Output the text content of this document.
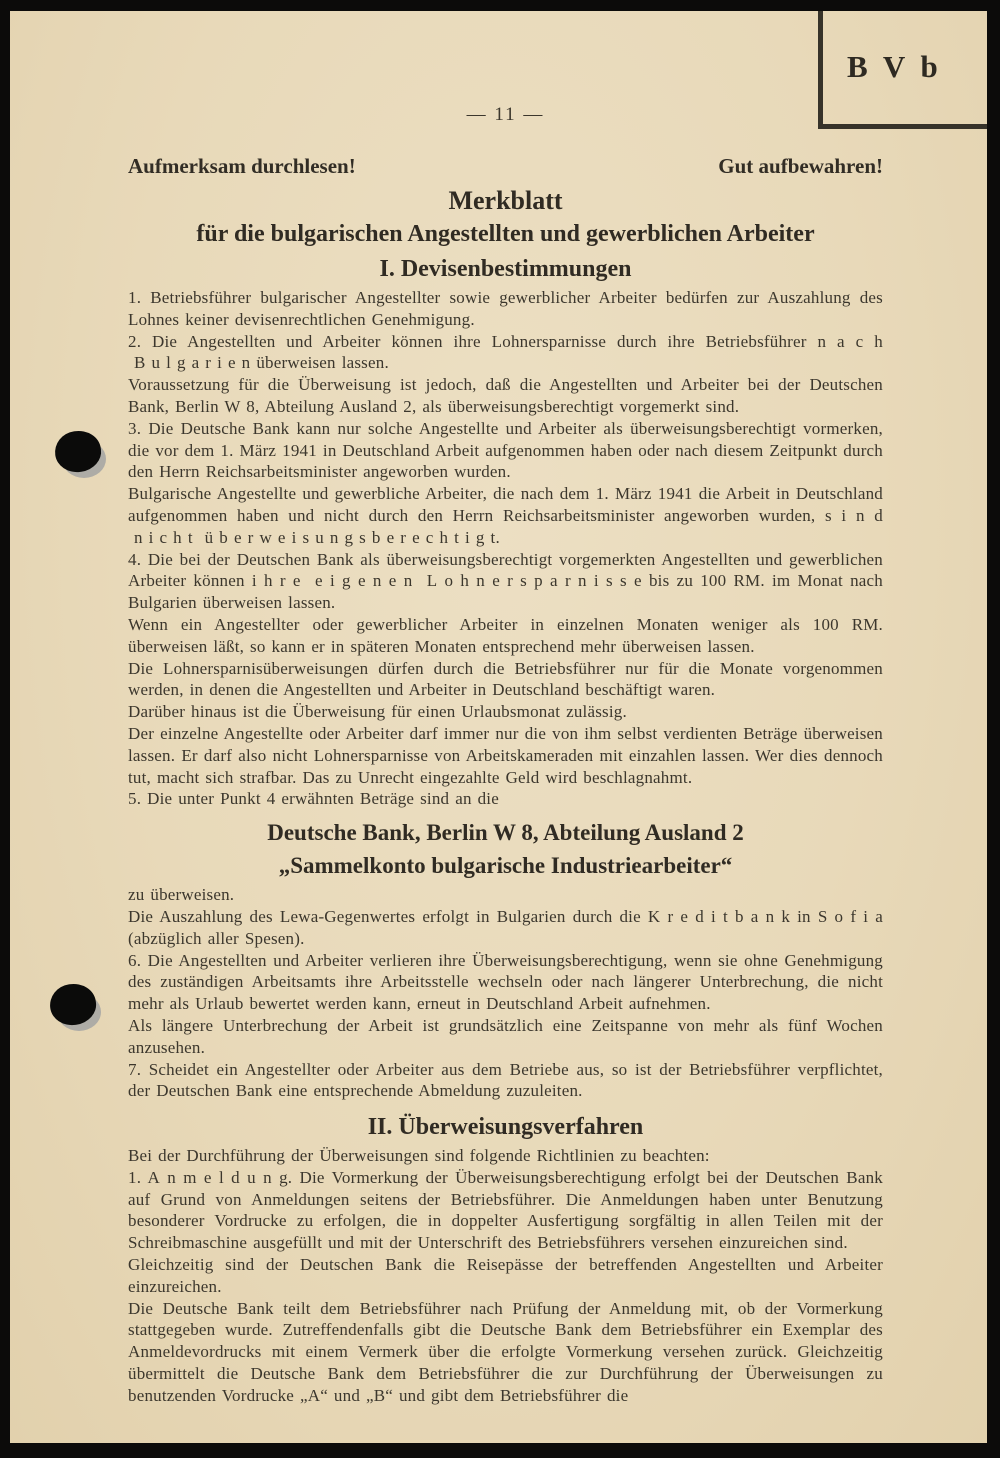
B V b
— 11 —
Aufmerksam durchlesen!	Gut aufbewahren!
Merkblatt
für die bulgarischen Angestellten und gewerblichen Arbeiter
I. Devisenbestimmungen

1. Betriebsführer bulgarischer Angestellter sowie gewerblicher Arbeiter bedürfen zur Auszahlung des Lohnes keiner devisenrechtlichen Genehmigung.

2. Die Angestellten und Arbeiter können ihre Lohnersparnisse durch ihre Betriebsführer n a c h  B u l g a r i e n überweisen lassen.

Voraussetzung für die Überweisung ist jedoch, daß die Angestellten und Arbeiter bei der Deutschen Bank, Berlin W 8, Abteilung Ausland 2, als überweisungsberechtigt vorgemerkt sind.

3. Die Deutsche Bank kann nur solche Angestellte und Arbeiter als überweisungsberechtigt vormerken, die vor dem 1. März 1941 in Deutschland Arbeit aufgenommen haben oder nach diesem Zeitpunkt durch den Herrn Reichsarbeitsminister angeworben wurden.

Bulgarische Angestellte und gewerbliche Arbeiter, die nach dem 1. März 1941 die Arbeit in Deutschland aufgenommen haben und nicht durch den Herrn Reichsarbeitsminister angeworben wurden, s i n d  n i c h t  ü b e r w e i s u n g s b e r e c h t i g t.

4. Die bei der Deutschen Bank als überweisungsberechtigt vorgemerkten Angestellten und gewerblichen Arbeiter können i h r e  e i g e n e n  L o h n e r s p a r n i s s e bis zu 100 RM. im Monat nach Bulgarien überweisen lassen.

Wenn ein Angestellter oder gewerblicher Arbeiter in einzelnen Monaten weniger als 100 RM. überweisen läßt, so kann er in späteren Monaten entsprechend mehr überweisen lassen.

Die Lohnersparnisüberweisungen dürfen durch die Betriebsführer nur für die Monate vorgenommen werden, in denen die Angestellten und Arbeiter in Deutschland beschäftigt waren.

Darüber hinaus ist die Überweisung für einen Urlaubsmonat zulässig.

Der einzelne Angestellte oder Arbeiter darf immer nur die von ihm selbst verdienten Beträge überweisen lassen. Er darf also nicht Lohnersparnisse von Arbeitskameraden mit einzahlen lassen. Wer dies dennoch tut, macht sich strafbar. Das zu Unrecht eingezahlte Geld wird beschlagnahmt.

5. Die unter Punkt 4 erwähnten Beträge sind an die

Deutsche Bank, Berlin W 8, Abteilung Ausland 2
„Sammelkonto bulgarische Industriearbeiter“

zu überweisen.

Die Auszahlung des Lewa-Gegenwertes erfolgt in Bulgarien durch die K r e d i t b a n k in S o f i a (abzüglich aller Spesen).

6. Die Angestellten und Arbeiter verlieren ihre Überweisungsberechtigung, wenn sie ohne Genehmigung des zuständigen Arbeitsamts ihre Arbeitsstelle wechseln oder nach längerer Unterbrechung, die nicht mehr als Urlaub bewertet werden kann, erneut in Deutschland Arbeit aufnehmen.

Als längere Unterbrechung der Arbeit ist grundsätzlich eine Zeitspanne von mehr als fünf Wochen anzusehen.

7. Scheidet ein Angestellter oder Arbeiter aus dem Betriebe aus, so ist der Betriebsführer verpflichtet, der Deutschen Bank eine entsprechende Abmeldung zuzuleiten.

II. Überweisungsverfahren

Bei der Durchführung der Überweisungen sind folgende Richtlinien zu beachten:

1. A n m e l d u n g. Die Vormerkung der Überweisungsberechtigung erfolgt bei der Deutschen Bank auf Grund von Anmeldungen seitens der Betriebsführer. Die Anmeldungen haben unter Benutzung besonderer Vordrucke zu erfolgen, die in doppelter Ausfertigung sorgfältig in allen Teilen mit der Schreibmaschine ausgefüllt und mit der Unterschrift des Betriebsführers versehen einzureichen sind.

Gleichzeitig sind der Deutschen Bank die Reisepässe der betreffenden Angestellten und Arbeiter einzureichen.

Die Deutsche Bank teilt dem Betriebsführer nach Prüfung der Anmeldung mit, ob der Vormerkung stattgegeben wurde. Zutreffendenfalls gibt die Deutsche Bank dem Betriebsführer ein Exemplar des Anmeldevordrucks mit einem Vermerk über die erfolgte Vormerkung versehen zurück. Gleichzeitig übermittelt die Deutsche Bank dem Betriebsführer die zur Durchführung der Überweisungen zu benutzenden Vordrucke „A“ und „B“ und gibt dem Betriebsführer die
